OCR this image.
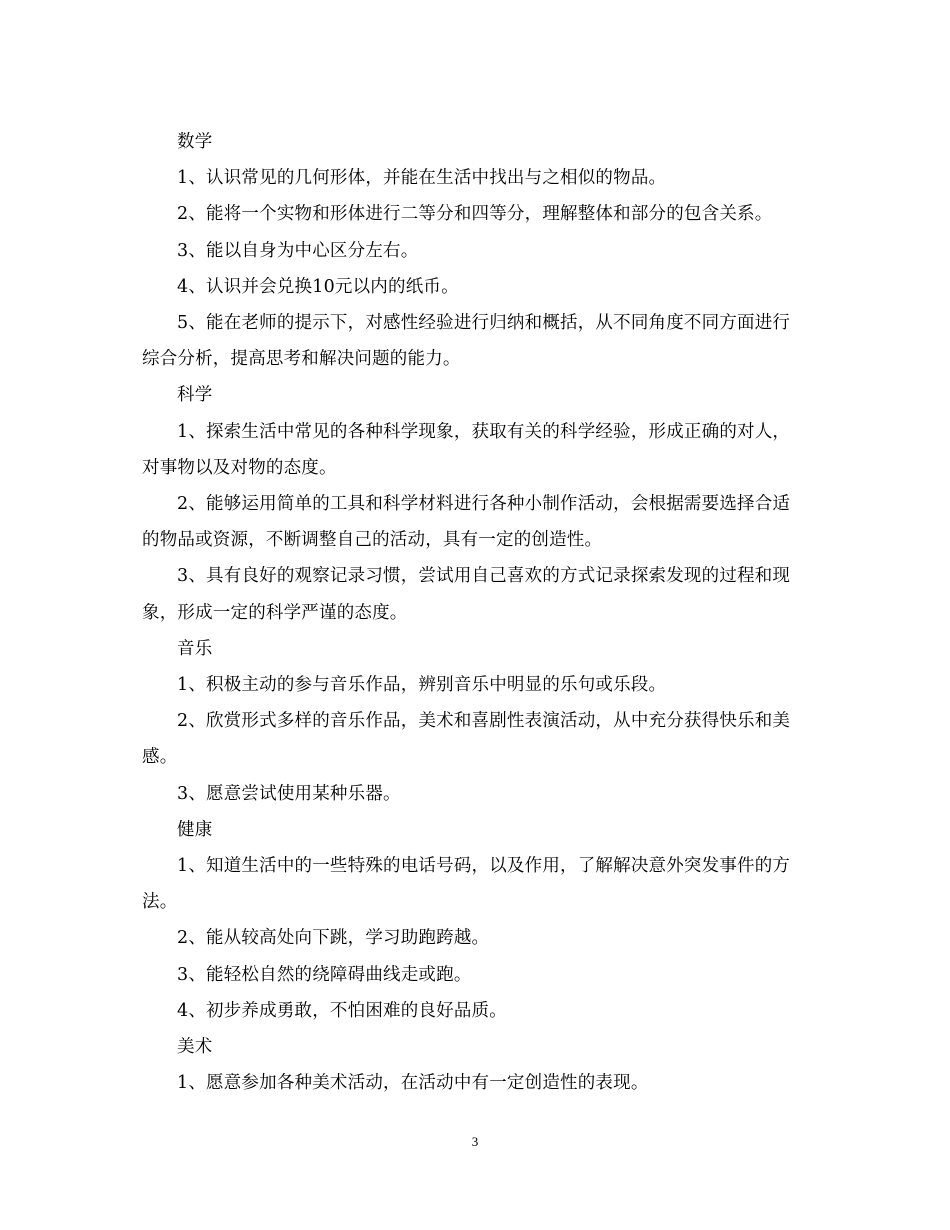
数学

1、认识常见的几何形体，并能在生活中找出与之相似的物品。

2、能将一个实物和形体进行二等分和四等分，理解整体和部分的包含关系。

3、能以自身为中心区分左右。

4、认识并会兑换10元以内的纸币。

5、能在老师的提示下，对感性经验进行归纳和概括，从不同角度不同方面进行综合分析，提高思考和解决问题的能力。

科学

1、探索生活中常见的各种科学现象，获取有关的科学经验，形成正确的对人，对事物以及对物的态度。

2、能够运用简单的工具和科学材料进行各种小制作活动，会根据需要选择合适的物品或资源，不断调整自己的活动，具有一定的创造性。

3、具有良好的观察记录习惯，尝试用自己喜欢的方式记录探索发现的过程和现象，形成一定的科学严谨的态度。

音乐

1、积极主动的参与音乐作品，辨别音乐中明显的乐句或乐段。

2、欣赏形式多样的音乐作品，美术和喜剧性表演活动，从中充分获得快乐和美感。

3、愿意尝试使用某种乐器。

健康

1、知道生活中的一些特殊的电话号码，以及作用，了解解决意外突发事件的方法。

2、能从较高处向下跳，学习助跑跨越。

3、能轻松自然的绕障碍曲线走或跑。

4、初步养成勇敢，不怕困难的良好品质。

美术

1、愿意参加各种美术活动，在活动中有一定创造性的表现。

3
